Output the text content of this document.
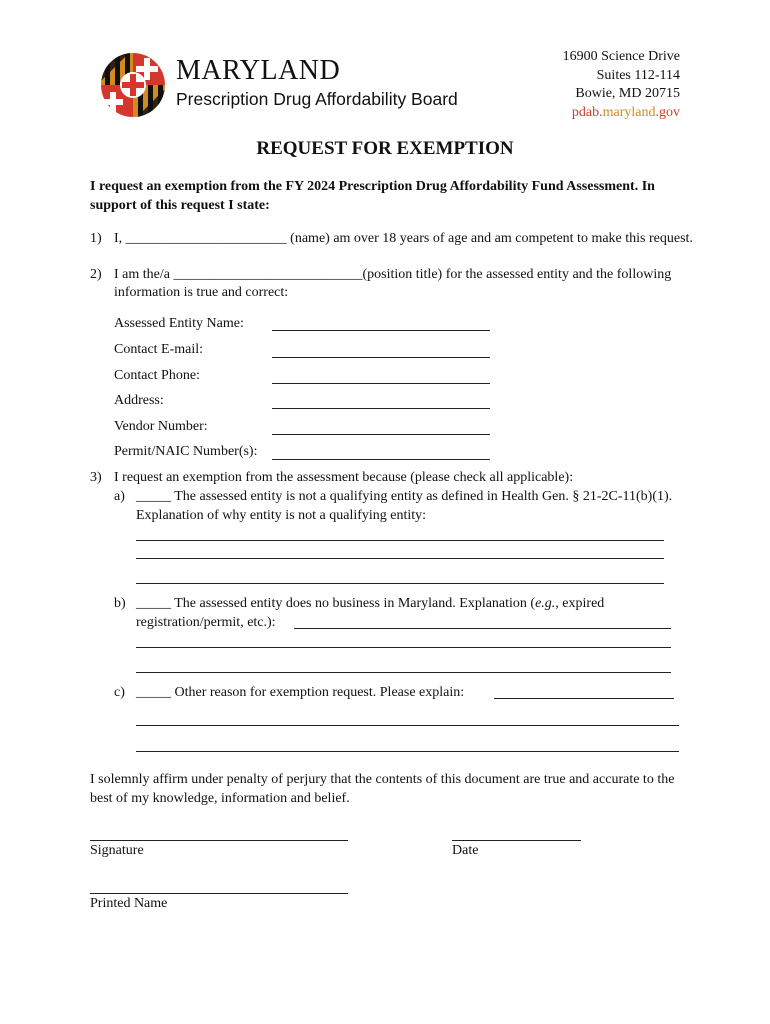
MARYLAND
Prescription Drug Affordability Board
16900 Science Drive
Suites 112-114
Bowie, MD 20715
pdab.maryland.gov
REQUEST FOR EXEMPTION
I request an exemption from the FY 2024 Prescription Drug Affordability Fund Assessment. In support of this request I state:
1) I, _______________________ (name) am over 18 years of age and am competent to make this request.
2) I am the/a ___________________________(position title) for the assessed entity and the following information is true and correct:
Assessed Entity Name:
Contact E-mail:
Contact Phone:
Address:
Vendor Number:
Permit/NAIC Number(s):
3) I request an exemption from the assessment because (please check all applicable):
a) _____ The assessed entity is not a qualifying entity as defined in Health Gen. § 21-2C-11(b)(1). Explanation of why entity is not a qualifying entity:
b) _____ The assessed entity does no business in Maryland. Explanation (e.g., expired registration/permit, etc.):
c) _____ Other reason for exemption request. Please explain:
I solemnly affirm under penalty of perjury that the contents of this document are true and accurate to the best of my knowledge, information and belief.
Signature	Date
Printed Name
